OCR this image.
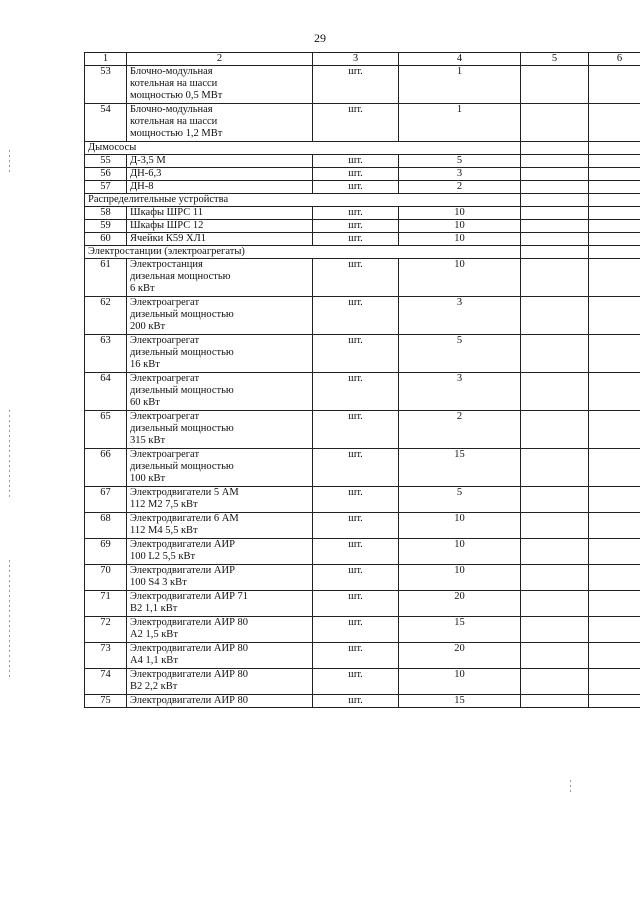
29
1	2	3	4	5	6
53	Блочно-модульная
котельная на шасси
мощностью 0,5 МВт	шт.	1		
54	Блочно-модульная
котельная на шасси
мощностью 1,2 МВт	шт.	1		
Дымососы					
55	Д-3,5 М	шт.	5		
56	ДН-6,3	шт.	3		
57	ДН-8	шт.	2		
Распределительные устройства					
58	Шкафы ШРС 11	шт.	10		
59	Шкафы ШРС 12	шт.	10		
60	Ячейки К59 ХЛ1	шт.	10		
Электростанции (электроагрегаты)					
61	Электростанция
дизельная мощностью
6 кВт	шт.	10		
62	Электроагрегат
дизельный мощностью
200 кВт	шт.	3		
63	Электроагрегат
дизельный мощностью
16 кВт	шт.	5		
64	Электроагрегат
дизельный мощностью
60 кВт	шт.	3		
65	Электроагрегат
дизельный мощностью
315 кВт	шт.	2		
66	Электроагрегат
дизельный мощностью
100 кВт	шт.	15		
67	Электродвигатели 5 АМ
112 М2 7,5 кВт	шт.	5		
68	Электродвигатели 6 АМ
112 М4 5,5 кВт	шт.	10		
69	Электродвигатели АИР
100 L2 5,5 кВт	шт.	10		
70	Электродвигатели АИР
100 S4 3 кВт	шт.	10		
71	Электродвигатели АИР 71
В2 1,1 кВт	шт.	20		
72	Электродвигатели АИР 80
А2 1,5 кВт	шт.	15		
73	Электродвигатели АИР 80
А4 1,1 кВт	шт.	20		
74	Электродвигатели АИР 80
В2 2,2 кВт	шт.	10		
75	Электродвигатели АИР 80	шт.	15		
